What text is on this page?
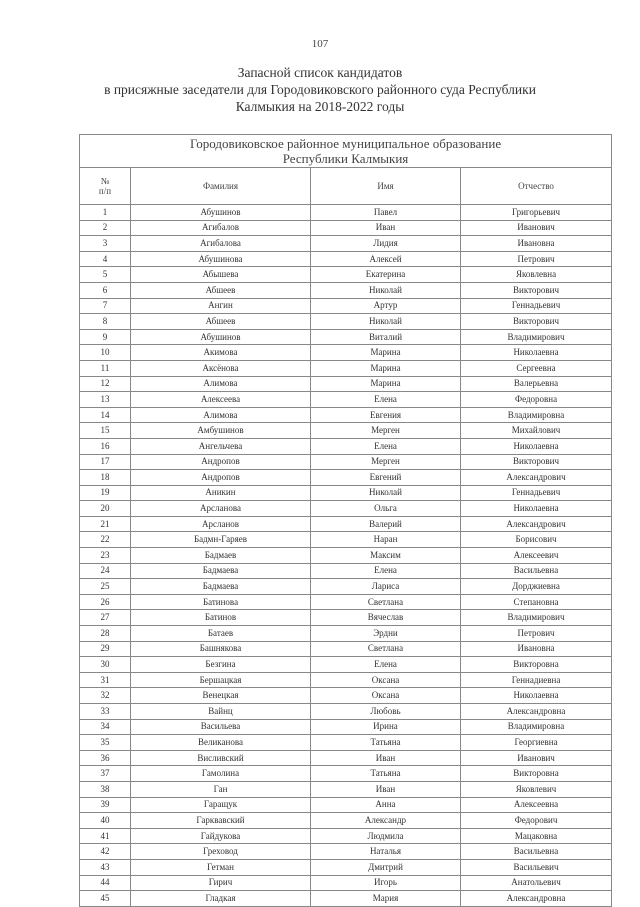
107
Запасной список кандидатов
в присяжные заседатели для Городовиковского районного суда Республики
Калмыкия на 2018-2022 годы
Городовиковское районное муниципальное образование
Республики Калмыкия			

№
п/п	Фамилия	Имя	Отчество
1	Абушинов	Павел	Григорьевич
2	Агибалов	Иван	Иванович
3	Агибалова	Лидия	Ивановна
4	Абушинова	Алексей	Петрович
5	Абышева	Екатерина	Яковлевна
6	Абшеев	Николай	Викторович
7	Ангин	Артур	Геннадьевич
8	Абшеев	Николай	Викторович
9	Абушинов	Виталий	Владимирович
10	Акимова	Марина	Николаевна
11	Аксёнова	Марина	Сергеевна
12	Алимова	Марина	Валерьевна
13	Алексеева	Елена	Федоровна
14	Алимова	Евгения	Владимировна
15	Амбушинов	Мерген	Михайлович
16	Ангельчева	Елена	Николаевна
17	Андропов	Мерген	Викторович
18	Андропов	Евгений	Александрович
19	Аникин	Николай	Геннадьевич
20	Арсланова	Ольга	Николаевна
21	Арсланов	Валерий	Александрович
22	Бадмн-Гаряев	Наран	Борисович
23	Бадмаев	Максим	Алексеевич
24	Бадмаева	Елена	Васильевна
25	Бадмаева	Лариса	Дорджиевна
26	Батинова	Светлана	Степановна
27	Батинов	Вячеслав	Владимирович
28	Батаев	Эрдни	Петрович
29	Башнякова	Светлана	Ивановна
30	Безгина	Елена	Викторовна
31	Бершацкая	Оксана	Геннадиевна
32	Венецкая	Оксана	Николаевна
33	Вайнц	Любовь	Александровна
34	Васильева	Ирина	Владимировна
35	Великанова	Татьяна	Георгиевна
36	Висливский	Иван	Иванович
37	Гамолина	Татьяна	Викторовна
38	Ган	Иван	Яковлевич
39	Гаращук	Анна	Алексеевна
40	Гарквавский	Александр	Федорович
41	Гайдукова	Людмила	Мацаковна
42	Греховод	Наталья	Васильевна
43	Гетман	Дмитрий	Васильевич
44	Гирич	Игорь	Анатольевич
45	Гладкая	Мария	Александровна
